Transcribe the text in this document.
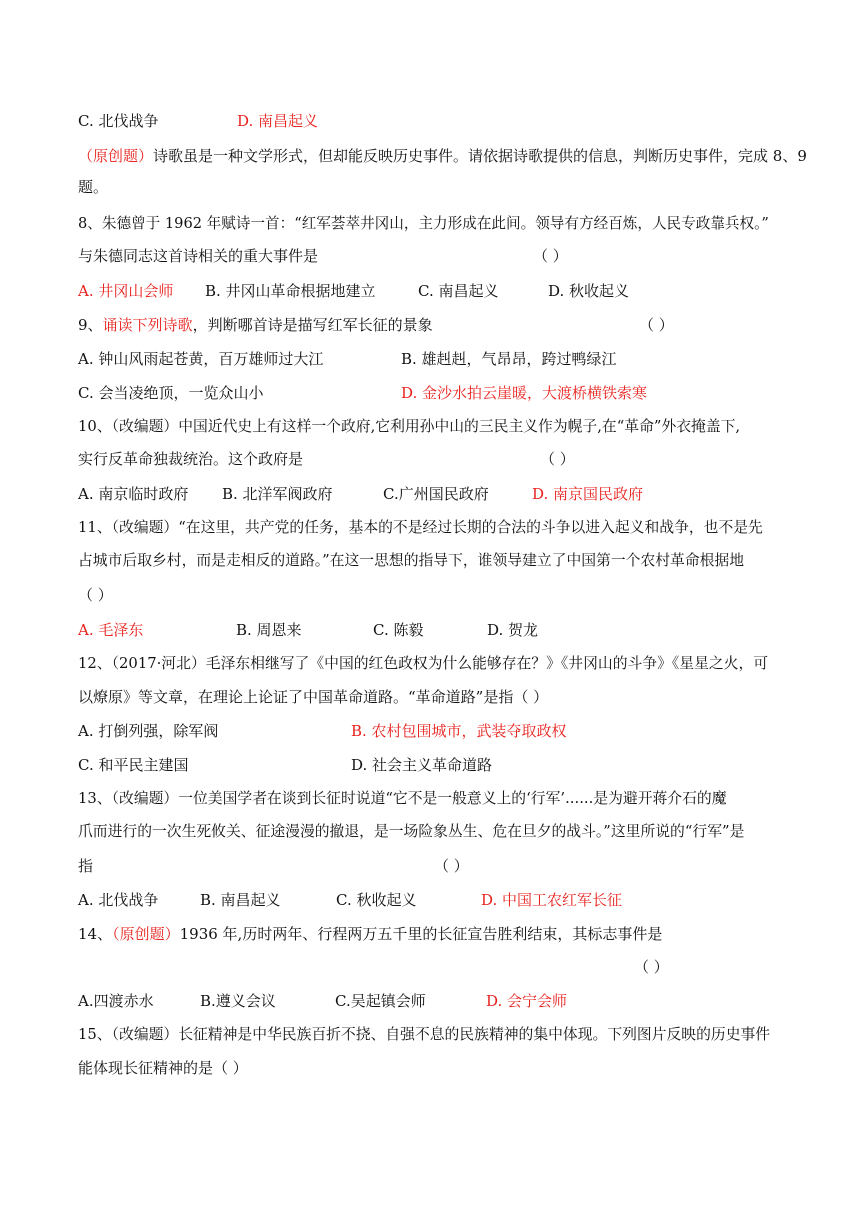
C. 北伐战争	D. 南昌起义
（原创题）诗歌虽是一种文学形式，但却能反映历史事件。请依据诗歌提供的信息，判断历史事件，完成 8、9
题。
8、朱德曾于 1962 年赋诗一首：“红军荟萃井冈山，主力形成在此间。领导有方经百炼，人民专政靠兵权。”
与朱德同志这首诗相关的重大事件是	（ ）
A. 井冈山会师 B. 井冈山革命根据地建立	C. 南昌起义	D. 秋收起义
9、诵读下列诗歌，判断哪首诗是描写红军长征的景象	（ ）
A. 钟山风雨起苍黄，百万雄师过大江	B. 雄赳赳，气昂昂，跨过鸭绿江
C. 会当凌绝顶，一览众山小	D. 金沙水拍云崖暖，大渡桥横铁索寒
10、（改编题）中国近代史上有这样一个政府,它利用孙中山的三民主义作为幌子,在“革命”外衣掩盖下,
实行反革命独裁统治。这个政府是	（ ）
A. 南京临时政府 B. 北洋军阀政府	C.广州国民政府	D. 南京国民政府
11、（改编题）“在这里，共产党的任务，基本的不是经过长期的合法的斗争以进入起义和战争，也不是先
占城市后取乡村，而是走相反的道路。”在这一思想的指导下，谁领导建立了中国第一个农村革命根据地
（ ）
A. 毛泽东	B. 周恩来	C. 陈毅	D. 贺龙
12、（2017·河北）毛泽东相继写了《中国的红色政权为什么能够存在？》《井冈山的斗争》《星星之火，可
以燎原》等文章，在理论上论证了中国革命道路。“革命道路”是指（ ）
A. 打倒列强，除军阀	B. 农村包围城市，武装夺取政权
C. 和平民主建国	D. 社会主义革命道路
13、（改编题）一位美国学者在谈到长征时说道“它不是一般意义上的‘行军’......是为避开蒋介石的魔
爪而进行的一次生死攸关、征途漫漫的撤退，是一场险象丛生、危在旦夕的战斗。”这里所说的“行军”是
指	（ ）
A. 北伐战争	B. 南昌起义	C. 秋收起义	D. 中国工农红军长征
14、（原创题）1936 年,历时两年、行程两万五千里的长征宣告胜利结束，其标志事件是
（ ）
A.四渡赤水	B.遵义会议	C.吴起镇会师	D. 会宁会师
15、（改编题）长征精神是中华民族百折不挠、自强不息的民族精神的集中体现。下列图片反映的历史事件
能体现长征精神的是（ ）
